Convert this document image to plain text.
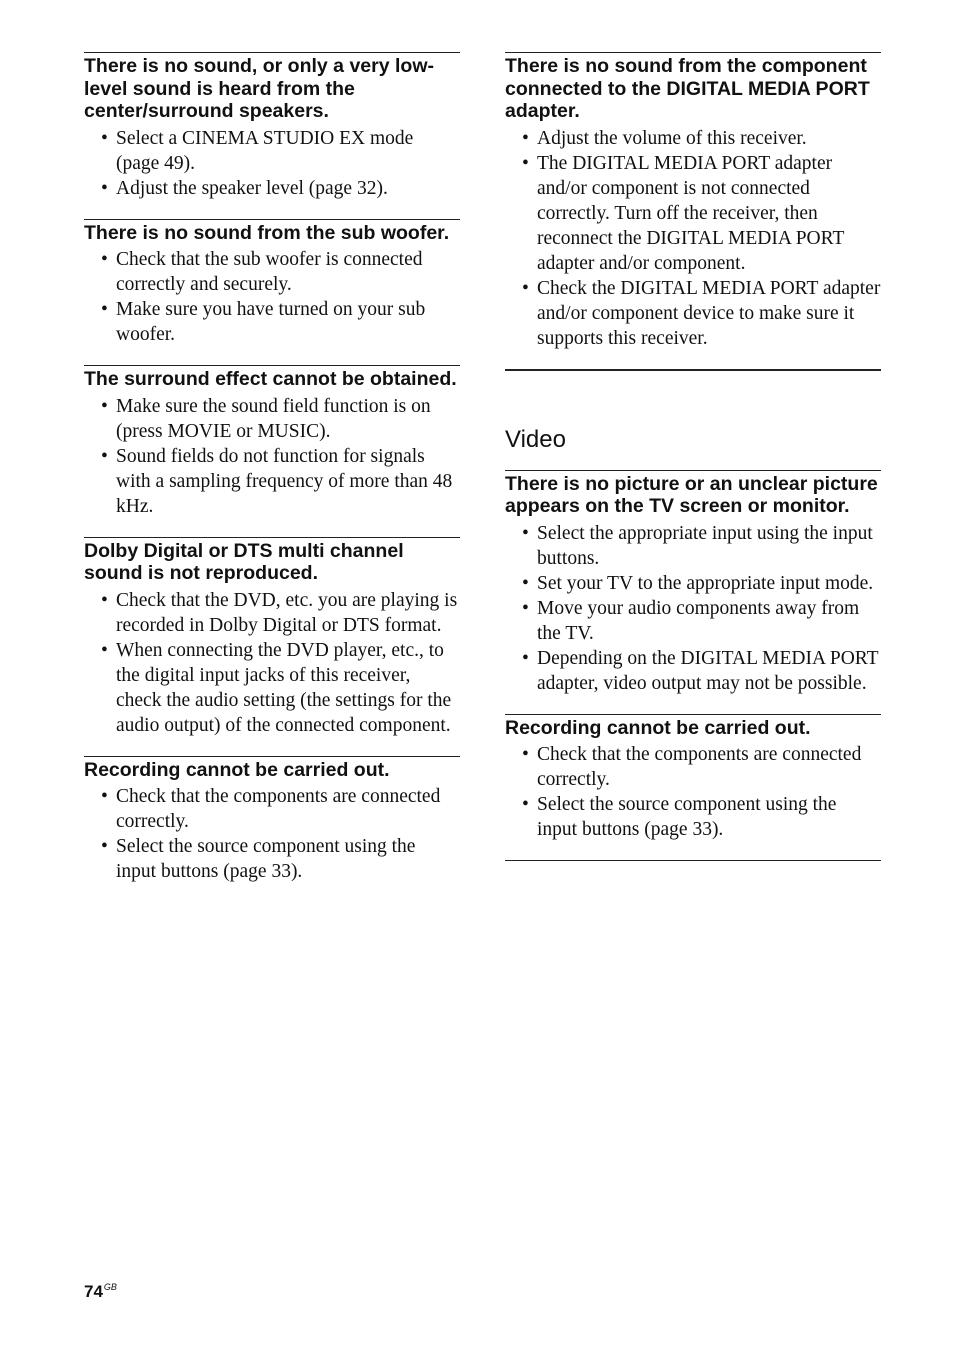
There is no sound, or only a very low-level sound is heard from the center/surround speakers.
• Select a CINEMA STUDIO EX mode (page 49).
• Adjust the speaker level (page 32).
There is no sound from the sub woofer.
• Check that the sub woofer is connected correctly and securely.
• Make sure you have turned on your sub woofer.
The surround effect cannot be obtained.
• Make sure the sound field function is on (press MOVIE or MUSIC).
• Sound fields do not function for signals with a sampling frequency of more than 48 kHz.
Dolby Digital or DTS multi channel sound is not reproduced.
• Check that the DVD, etc. you are playing is recorded in Dolby Digital or DTS format.
• When connecting the DVD player, etc., to the digital input jacks of this receiver, check the audio setting (the settings for the audio output) of the connected component.
Recording cannot be carried out.
• Check that the components are connected correctly.
• Select the source component using the input buttons (page 33).
There is no sound from the component connected to the DIGITAL MEDIA PORT adapter.
• Adjust the volume of this receiver.
• The DIGITAL MEDIA PORT adapter and/or component is not connected correctly. Turn off the receiver, then reconnect the DIGITAL MEDIA PORT adapter and/or component.
• Check the DIGITAL MEDIA PORT adapter and/or component device to make sure it supports this receiver.
Video
There is no picture or an unclear picture appears on the TV screen or monitor.
• Select the appropriate input using the input buttons.
• Set your TV to the appropriate input mode.
• Move your audio components away from the TV.
• Depending on the DIGITAL MEDIA PORT adapter, video output may not be possible.
Recording cannot be carried out.
• Check that the components are connected correctly.
• Select the source component using the input buttons (page 33).
$74^{GB}$
